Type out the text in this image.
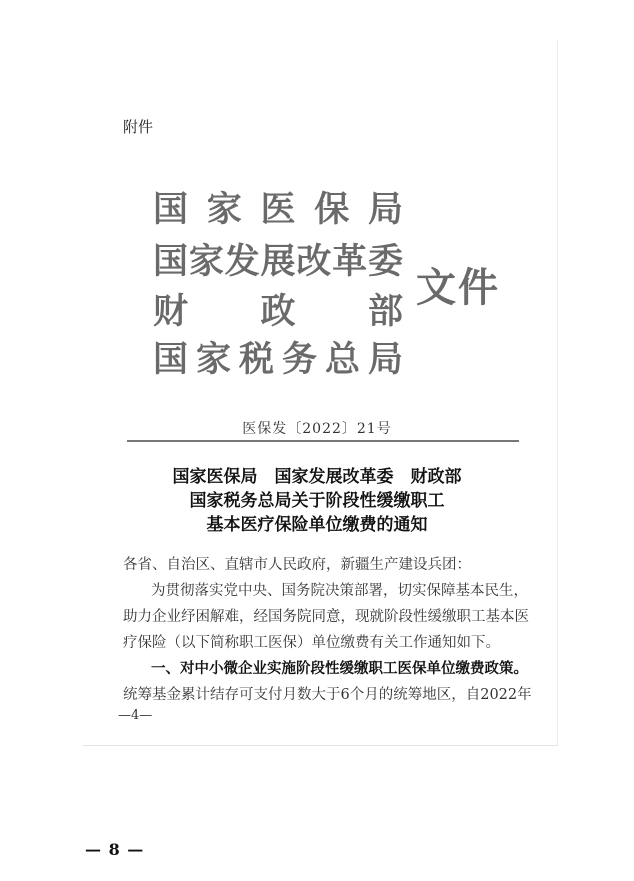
附件
国家医保局
国家发展改革委
财政部
国家税务总局
文件
医保发〔2022〕21号
国家医保局　国家发展改革委　财政部
国家税务总局关于阶段性缓缴职工
基本医疗保险单位缴费的通知
各省、自治区、直辖市人民政府，新疆生产建设兵团：
为贯彻落实党中央、国务院决策部署，切实保障基本民生，
助力企业纾困解难，经国务院同意，现就阶段性缓缴职工基本医
疗保险（以下简称职工医保）单位缴费有关工作通知如下。
一、对中小微企业实施阶段性缓缴职工医保单位缴费政策。
统筹基金累计结存可支付月数大于6个月的统筹地区，自2022年
—4—
— 8 —
